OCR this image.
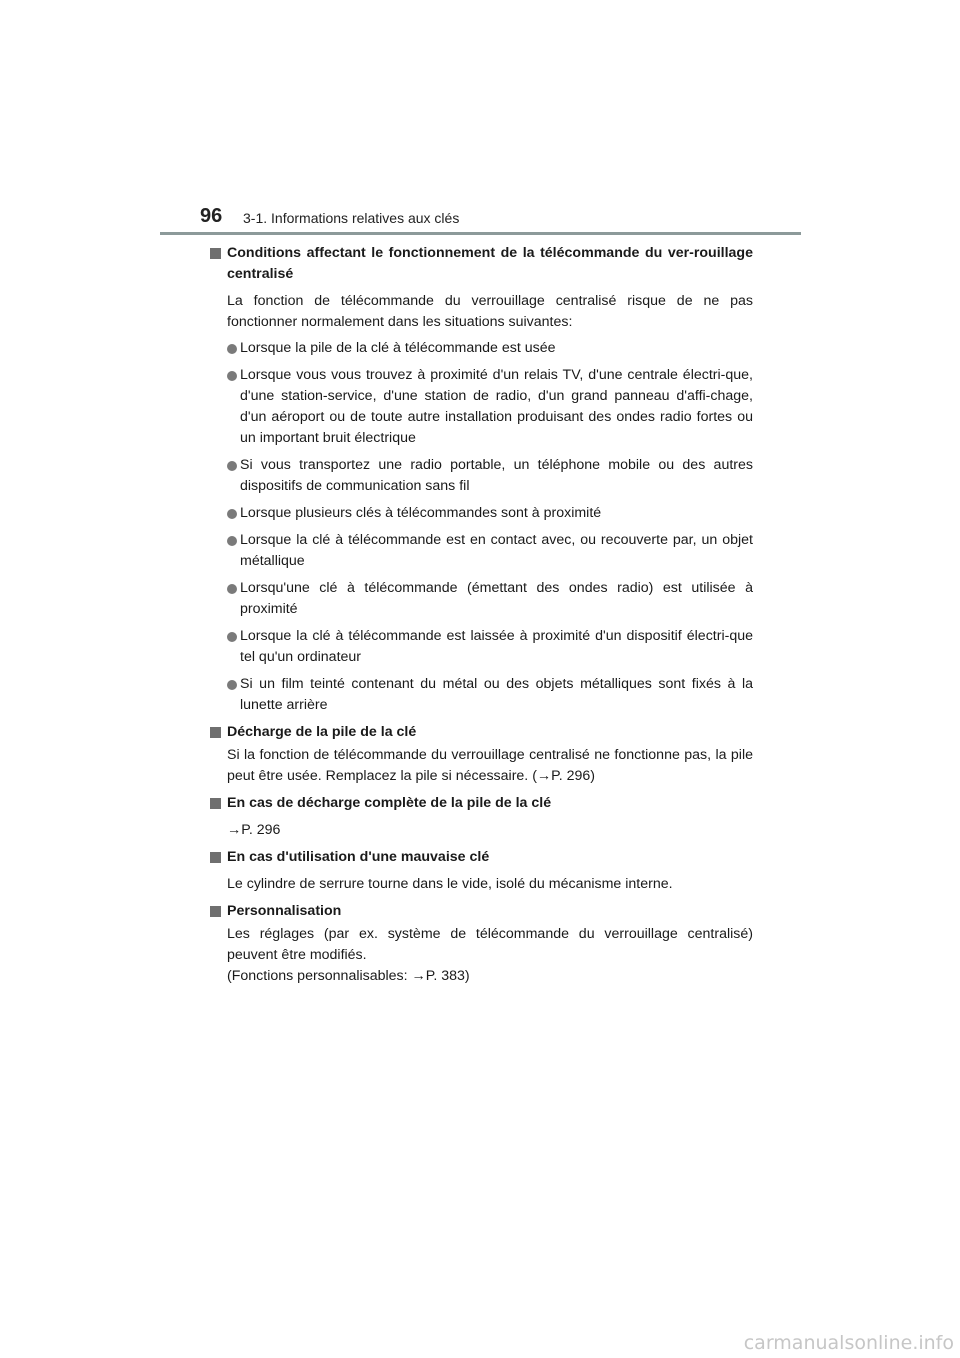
96 3-1. Informations relatives aux clés
Conditions affectant le fonctionnement de la télécommande du ver-rouillage centralisé
La fonction de télécommande du verrouillage centralisé risque de ne pas fonctionner normalement dans les situations suivantes:
Lorsque la pile de la clé à télécommande est usée
Lorsque vous vous trouvez à proximité d'un relais TV, d'une centrale électri-que, d'une station-service, d'une station de radio, d'un grand panneau d'affi-chage, d'un aéroport ou de toute autre installation produisant des ondes radio fortes ou un important bruit électrique
Si vous transportez une radio portable, un téléphone mobile ou des autres dispositifs de communication sans fil
Lorsque plusieurs clés à télécommandes sont à proximité
Lorsque la clé à télécommande est en contact avec, ou recouverte par, un objet métallique
Lorsqu'une clé à télécommande (émettant des ondes radio) est utilisée à proximité
Lorsque la clé à télécommande est laissée à proximité d'un dispositif électri-que tel qu'un ordinateur
Si un film teinté contenant du métal ou des objets métalliques sont fixés à la lunette arrière
Décharge de la pile de la clé
Si la fonction de télécommande du verrouillage centralisé ne fonctionne pas, la pile peut être usée. Remplacez la pile si nécessaire. (→P. 296)
En cas de décharge complète de la pile de la clé
→P. 296
En cas d'utilisation d'une mauvaise clé
Le cylindre de serrure tourne dans le vide, isolé du mécanisme interne.
Personnalisation
Les réglages (par ex. système de télécommande du verrouillage centralisé) peuvent être modifiés.
(Fonctions personnalisables: →P. 383)
carmanualsonline.info
